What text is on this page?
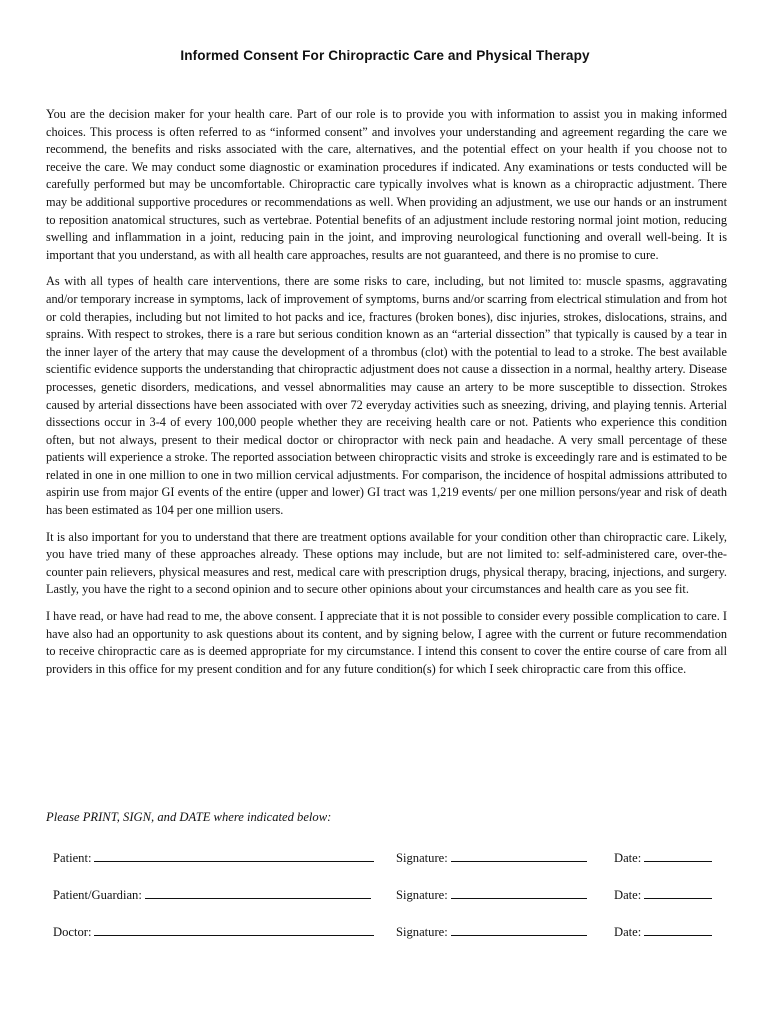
Informed Consent For Chiropractic Care and Physical Therapy

You are the decision maker for your health care. Part of our role is to provide you with information to assist you in making informed choices. This process is often referred to as “informed consent” and involves your understanding and agreement regarding the care we recommend, the benefits and risks associated with the care, alternatives, and the potential effect on your health if you choose not to receive the care. We may conduct some diagnostic or examination procedures if indicated. Any examinations or tests conducted will be carefully performed but may be uncomfortable. Chiropractic care typically involves what is known as a chiropractic adjustment. There may be additional supportive procedures or recommendations as well. When providing an adjustment, we use our hands or an instrument to reposition anatomical structures, such as vertebrae. Potential benefits of an adjustment include restoring normal joint motion, reducing swelling and inflammation in a joint, reducing pain in the joint, and improving neurological functioning and overall well-being. It is important that you understand, as with all health care approaches, results are not guaranteed, and there is no promise to cure.

As with all types of health care interventions, there are some risks to care, including, but not limited to: muscle spasms, aggravating and/or temporary increase in symptoms, lack of improvement of symptoms, burns and/or scarring from electrical stimulation and from hot or cold therapies, including but not limited to hot packs and ice, fractures (broken bones), disc injuries, strokes, dislocations, strains, and sprains. With respect to strokes, there is a rare but serious condition known as an “arterial dissection” that typically is caused by a tear in the inner layer of the artery that may cause the development of a thrombus (clot) with the potential to lead to a stroke. The best available scientific evidence supports the understanding that chiropractic adjustment does not cause a dissection in a normal, healthy artery. Disease processes, genetic disorders, medications, and vessel abnormalities may cause an artery to be more susceptible to dissection. Strokes caused by arterial dissections have been associated with over 72 everyday activities such as sneezing, driving, and playing tennis. Arterial dissections occur in 3-4 of every 100,000 people whether they are receiving health care or not. Patients who experience this condition often, but not always, present to their medical doctor or chiropractor with neck pain and headache. A very small percentage of these patients will experience a stroke. The reported association between chiropractic visits and stroke is exceedingly rare and is estimated to be related in one in one million to one in two million cervical adjustments. For comparison, the incidence of hospital admissions attributed to aspirin use from major GI events of the entire (upper and lower) GI tract was 1,219 events/ per one million persons/year and risk of death has been estimated as 104 per one million users.

It is also important for you to understand that there are treatment options available for your condition other than chiropractic care. Likely, you have tried many of these approaches already. These options may include, but are not limited to: self-administered care, over-the-counter pain relievers, physical measures and rest, medical care with prescription drugs, physical therapy, bracing, injections, and surgery. Lastly, you have the right to a second opinion and to secure other opinions about your circumstances and health care as you see fit.

I have read, or have had read to me, the above consent. I appreciate that it is not possible to consider every possible complication to care. I have also had an opportunity to ask questions about its content, and by signing below, I agree with the current or future recommendation to receive chiropractic care as is deemed appropriate for my circumstance. I intend this consent to cover the entire course of care from all providers in this office for my present condition and for any future condition(s) for which I seek chiropractic care from this office.

Please PRINT, SIGN, and DATE where indicated below:
Patient:	Signature:	Date:
Patient/Guardian:	Signature:	Date:
Doctor:	Signature:	Date:
